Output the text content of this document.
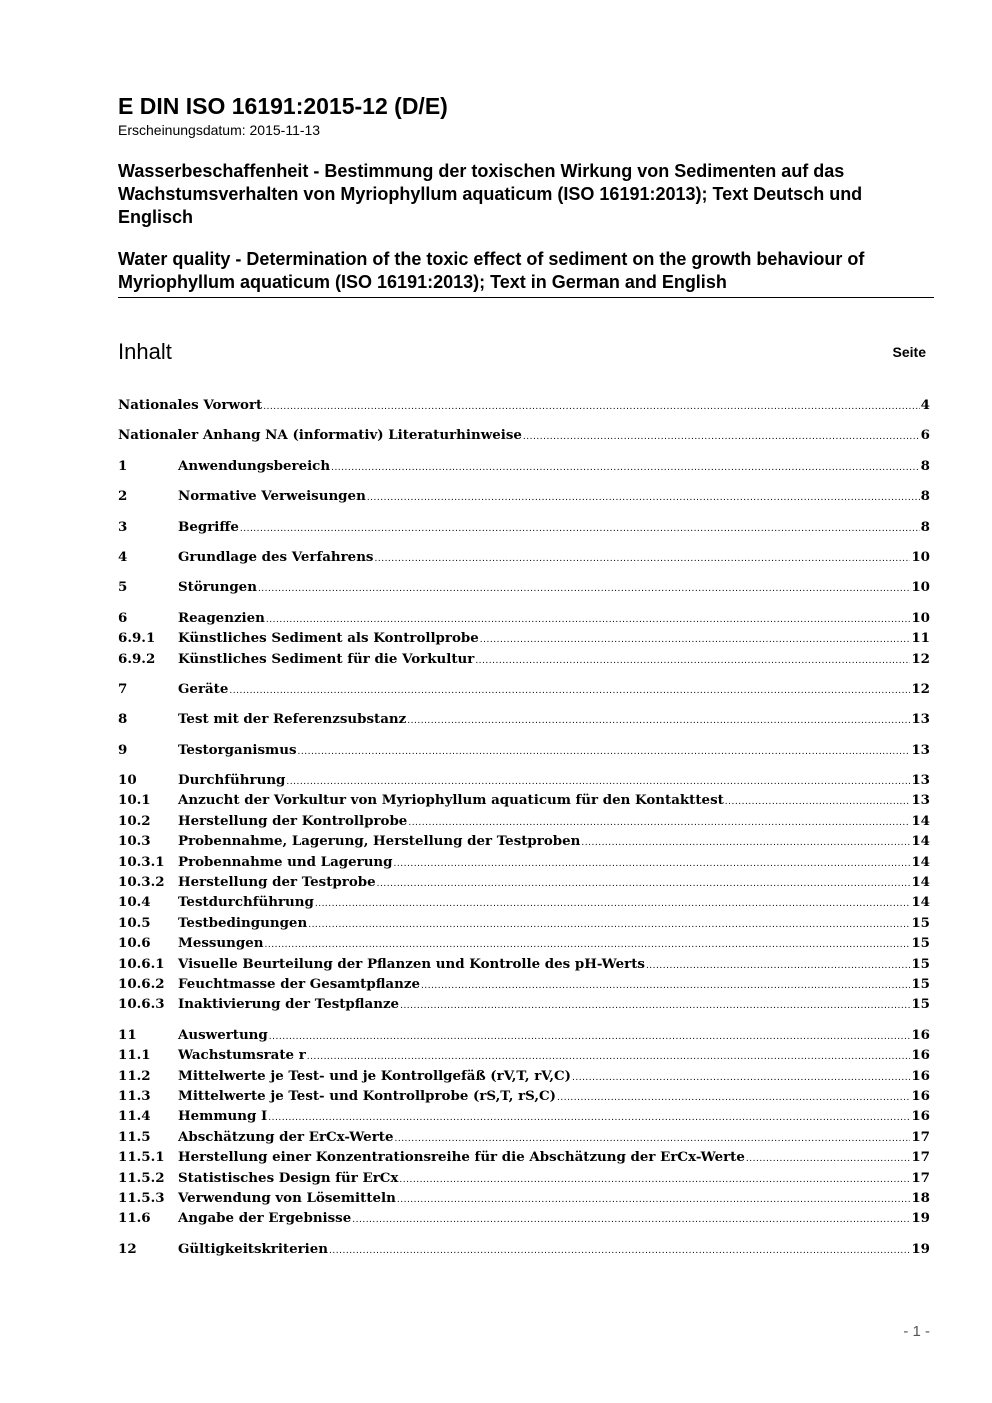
E DIN ISO 16191:2015-12 (D/E)

Erscheinungsdatum: 2015-11-13

Wasserbeschaffenheit - Bestimmung der toxischen Wirkung von Sedimenten auf das Wachstumsverhalten von Myriophyllum aquaticum (ISO 16191:2013); Text Deutsch und Englisch

Water quality - Determination of the toxic effect of sediment on the growth behaviour of Myriophyllum aquaticum (ISO 16191:2013); Text in German and English

Inhalt	Seite
Nationales Vorwort .....	4
Nationaler Anhang NA (informativ) Literaturhinweise .....	6
1	Anwendungsbereich .....	8
2	Normative Verweisungen .....	8
3	Begriffe .....	8
4	Grundlage des Verfahrens .....	10
5	Störungen .....	10
6	Reagenzien .....	10
6.9.1	Künstliches Sediment als Kontrollprobe .....	11
6.9.2	Künstliches Sediment für die Vorkultur .....	12
7	Geräte .....	12
8	Test mit der Referenzsubstanz .....	13
9	Testorganismus .....	13
10	Durchführung .....	13
10.1	Anzucht der Vorkultur von Myriophyllum aquaticum für den Kontakttest .....	13
10.2	Herstellung der Kontrollprobe .....	14
10.3	Probennahme, Lagerung, Herstellung der Testproben .....	14
10.3.1	Probennahme und Lagerung .....	14
10.3.2	Herstellung der Testprobe .....	14
10.4	Testdurchführung .....	14
10.5	Testbedingungen .....	15
10.6	Messungen .....	15
10.6.1	Visuelle Beurteilung der Pflanzen und Kontrolle des pH-Werts .....	15
10.6.2	Feuchtmasse der Gesamtpflanze .....	15
10.6.3	Inaktivierung der Testpflanze .....	15
11	Auswertung .....	16
11.1	Wachstumsrate r .....	16
11.2	Mittelwerte je Test- und je Kontrollgefäß (rV,T, rV,C) .....	16
11.3	Mittelwerte je Test- und Kontrollprobe (rS,T, rS,C) .....	16
11.4	Hemmung I .....	16
11.5	Abschätzung der ErCx-Werte .....	17
11.5.1	Herstellung einer Konzentrationsreihe für die Abschätzung der ErCx-Werte .....	17
11.5.2	Statistisches Design für ErCx .....	17
11.5.3	Verwendung von Lösemitteln .....	18
11.6	Angabe der Ergebnisse .....	19
12	Gültigkeitskriterien .....	19
- 1 -
